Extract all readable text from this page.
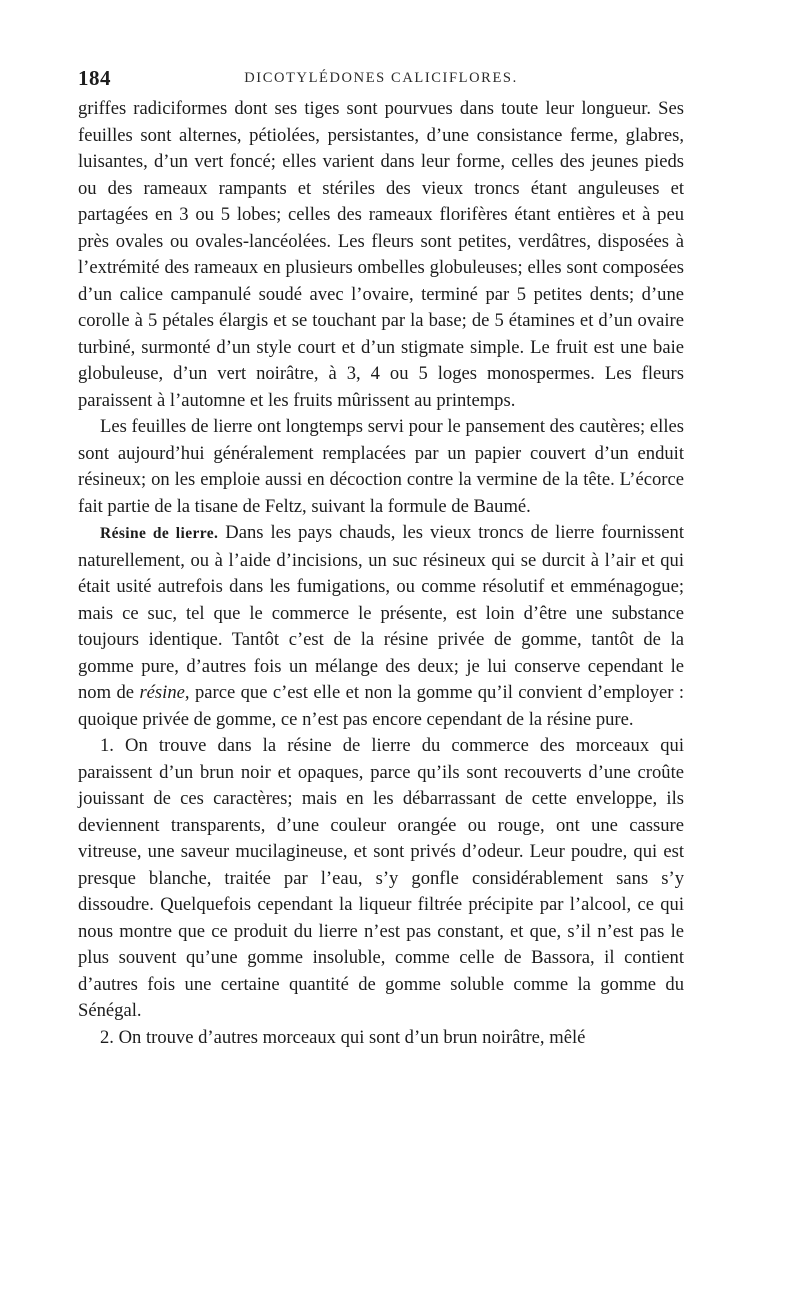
184	DICOTYLÉDONES CALICIFLORES.

griffes radiciformes dont ses tiges sont pourvues dans toute leur longueur. Ses feuilles sont alternes, pétiolées, persistantes, d’une consistance ferme, glabres, luisantes, d’un vert foncé; elles varient dans leur forme, celles des jeunes pieds ou des rameaux rampants et stériles des vieux troncs étant anguleuses et partagées en 3 ou 5 lobes; celles des rameaux florifères étant entières et à peu près ovales ou ovales-lancéolées. Les fleurs sont petites, verdâtres, disposées à l’extrémité des rameaux en plusieurs ombelles globuleuses; elles sont composées d’un calice campanulé soudé avec l’ovaire, terminé par 5 petites dents; d’une corolle à 5 pétales élargis et se touchant par la base; de 5 étamines et d’un ovaire turbiné, surmonté d’un style court et d’un stigmate simple. Le fruit est une baie globuleuse, d’un vert noirâtre, à 3, 4 ou 5 loges monospermes. Les fleurs paraissent à l’automne et les fruits mûrissent au printemps.

Les feuilles de lierre ont longtemps servi pour le pansement des cautères; elles sont aujourd’hui généralement remplacées par un papier couvert d’un enduit résineux; on les emploie aussi en décoction contre la vermine de la tête. L’écorce fait partie de la tisane de Feltz, suivant la formule de Baumé.

Résine de lierre. Dans les pays chauds, les vieux troncs de lierre fournissent naturellement, ou à l’aide d’incisions, un suc résineux qui se durcit à l’air et qui était usité autrefois dans les fumigations, ou comme résolutif et emménagogue; mais ce suc, tel que le commerce le présente, est loin d’être une substance toujours identique. Tantôt c’est de la résine privée de gomme, tantôt de la gomme pure, d’autres fois un mélange des deux; je lui conserve cependant le nom de résine, parce que c’est elle et non la gomme qu’il convient d’employer : quoique privée de gomme, ce n’est pas encore cependant de la résine pure.

1. On trouve dans la résine de lierre du commerce des morceaux qui paraissent d’un brun noir et opaques, parce qu’ils sont recouverts d’une croûte jouissant de ces caractères; mais en les débarrassant de cette enveloppe, ils deviennent transparents, d’une couleur orangée ou rouge, ont une cassure vitreuse, une saveur mucilagineuse, et sont privés d’odeur. Leur poudre, qui est presque blanche, traitée par l’eau, s’y gonfle considérablement sans s’y dissoudre. Quelquefois cependant la liqueur filtrée précipite par l’alcool, ce qui nous montre que ce produit du lierre n’est pas constant, et que, s’il n’est pas le plus souvent qu’une gomme insoluble, comme celle de Bassora, il contient d’autres fois une certaine quantité de gomme soluble comme la gomme du Sénégal.

2. On trouve d’autres morceaux qui sont d’un brun noirâtre, mêlé
